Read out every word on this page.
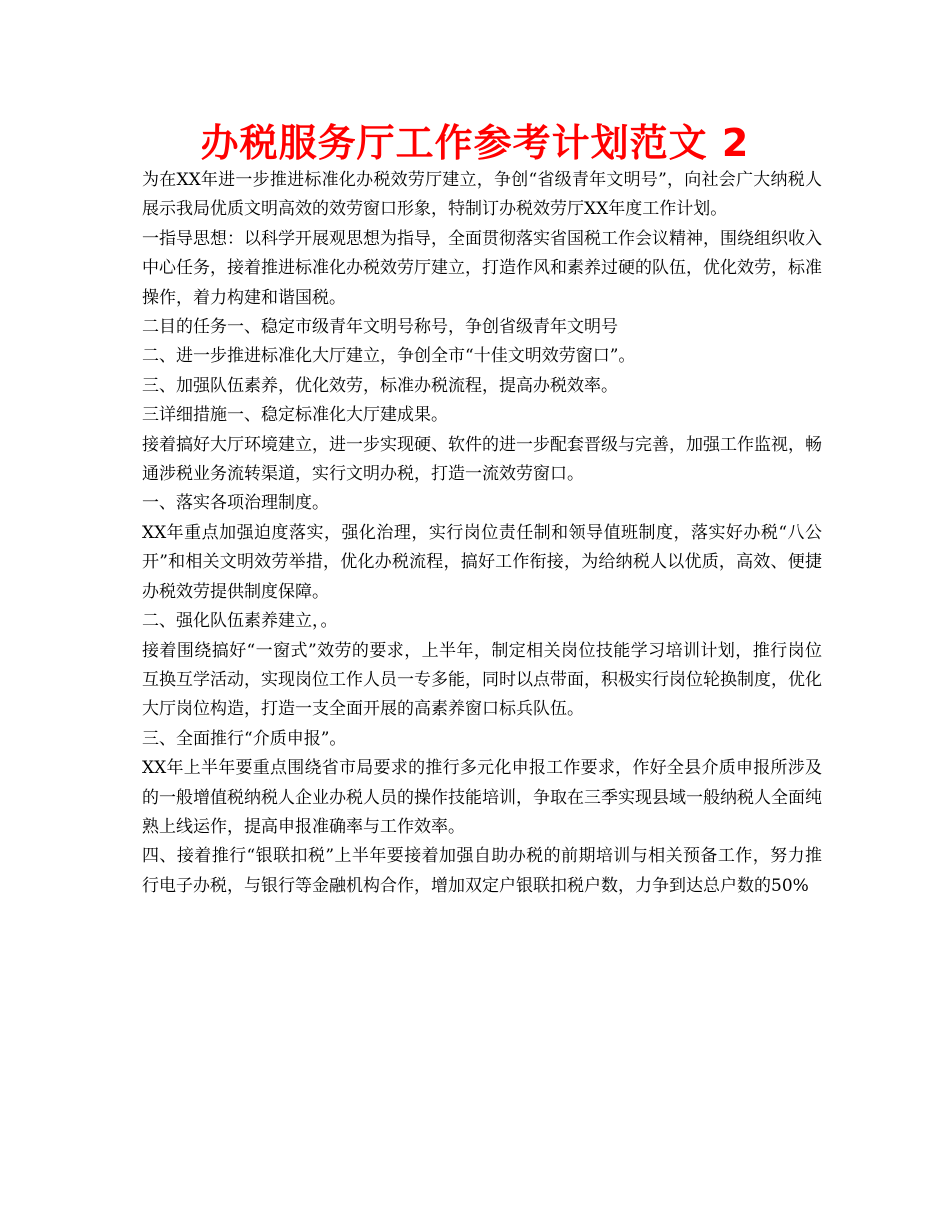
办税服务厅工作参考计划范文 2

为在XX年进一步推进标准化办税效劳厅建立，争创“省级青年文明号”，向社会广大纳税人展示我局优质文明高效的效劳窗口形象，特制订办税效劳厅XX年度工作计划。

一指导思想：以科学开展观思想为指导，全面贯彻落实省国税工作会议精神，围绕组织收入中心任务，接着推进标准化办税效劳厅建立，打造作风和素养过硬的队伍，优化效劳，标准操作，着力构建和谐国税。

二目的任务一、稳定市级青年文明号称号，争创省级青年文明号

二、进一步推进标准化大厅建立，争创全市“十佳文明效劳窗口”。

三、加强队伍素养，优化效劳，标准办税流程，提高办税效率。

三详细措施一、稳定标准化大厅建成果。

接着搞好大厅环境建立，进一步实现硬、软件的进一步配套晋级与完善，加强工作监视，畅通涉税业务流转渠道，实行文明办税，打造一流效劳窗口。

一、落实各项治理制度。

XX年重点加强迫度落实，强化治理，实行岗位责任制和领导值班制度，落实好办税“八公开”和相关文明效劳举措，优化办税流程，搞好工作衔接，为给纳税人以优质，高效、便捷办税效劳提供制度保障。

二、强化队伍素养建立，。

接着围绕搞好“一窗式”效劳的要求，上半年，制定相关岗位技能学习培训计划，推行岗位互换互学活动，实现岗位工作人员一专多能，同时以点带面，积极实行岗位轮换制度，优化大厅岗位构造，打造一支全面开展的高素养窗口标兵队伍。

三、全面推行“介质申报”。

XX年上半年要重点围绕省市局要求的推行多元化申报工作要求，作好全县介质申报所涉及的一般增值税纳税人企业办税人员的操作技能培训，争取在三季实现县域一般纳税人全面纯熟上线运作，提高申报准确率与工作效率。

四、接着推行“银联扣税”上半年要接着加强自助办税的前期培训与相关预备工作，努力推行电子办税，与银行等金融机构合作，增加双定户银联扣税户数，力争到达总户数的50%
